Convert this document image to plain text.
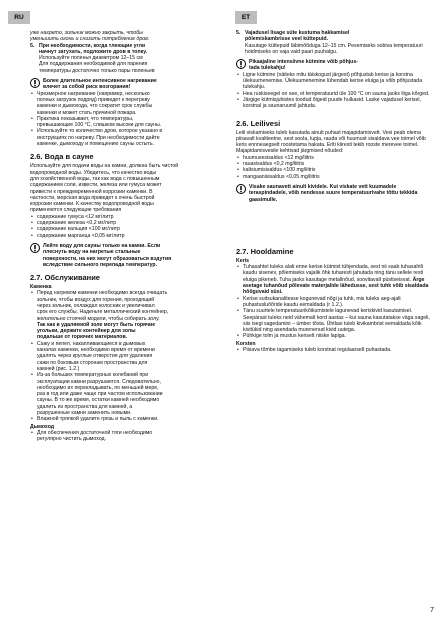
RU	ET

уже нагрето, зольник можно закрыть, чтобы
уменьшить огонь и снизить потребление дров.

5. При необходимости, когда тлеющие угли
начнут затухать, подложите дров в топку.

Используйте поленья диаметром 12–15 см
Для поддержания необходимой для парения
температуры достаточно только пары поленьев

Более длительное интенсивное нагревание
влечет за собой риск возгорания!

• Чрезмерное нагревание (например, несколько
полных загрузок подряд) приведет к перегреву
каменки и дымохода, что сократит срок службы
каменки и может стать причиной пожара.
• Практика показывает, что температуры,
превышающие 100 °C, слишком высоки для сауны.
• Используйте то количество дров, которое указано в
инструкциях по нагреву. При необходимости дайте
каменке, дымоходу и помещению сауны остыть.
2.6. Вода в сауне

Используйте для подачи воды на камни, должна быть чистой
водопроводной воды. Убедитесь, что качество воды
для хозяйственной воды, так как вода с повышенным
содержанием соли, извести, железа или гумуса может
привести к преждевременной коррозии каменки. В
частности, морская вода приведет к очень быстрой
коррозии каменки. К качеству водопроводной воды
применяются следующие требования

• содержание гумуса <12 мг/литр
• содержание железа <0,2 мг/литр
• содержание кальция <100 мг/литр
• содержание марганца <0,05 мг/литр

Лейте воду для сауны только на камни. Если
плеснуть воду на нагретые стальные
поверхности, на них могут образоваться вздутия
вследствие сильного перепада температур.

2.7. Обслуживание

Каменка

• Перед нагревом каменки необходимо всегда очищать
зольник, чтобы воздух для горения, проходящий
через зольник, охлаждал колосник и увеличивал
срок его службы. Наденьте металлический контейнер,
желательно стоячей модели, чтобы собирать золу.
Так как в удаляемой золе могут быть горячие
угольки, держите контейнер для золы
подальше от горючих материалов.
• Сажу и пепел, накапливающиеся в дымовых
каналах каменки, необходимо время от времени
удалять через круглые отверстия для удаления
сажи по боковым сторонам пространства для
камней (рис. 1.2.)
• Из-за больших температурных колебаний при
эксплуатации камни разрушаются. Следовательно,
необходимо их перекладывать, по меньшей мере,
раз в год или даже чаще при частом использовании
сауны. В то же время, остатки камней необходимо
удалить из пространства для камней, а
разрушенные камни заменить новыми.
• Влажной тряпкой удалите грязь и пыль с каменки.

Дымоход

• Для обеспечения достаточной тяги необходимо
регулярно чистить дымоход.
5. Vajadusel lisage süte kustuma hakkamisel
põlemiskambrisse veel küttepuid.

Kasutage küttepuid läbimõõduga 12–15 cm. Pesemiseks sobiva temperatuuri hoidmiseks on vaja vaid paari puuhalgu.

Pikaajaline intensiivne kütmine võib põhjus-
tada tulekahju!

• Ligne kütmine (näiteks mitu täiskogust järgest) põhjustab kerise ja korstna ülekuumenemise. Ülekuumenemine lühendab kerise eluiga ja võib põhjustada tulekahju.
• Hea ruskiseegel on see, et temperatuurid üle 100 °C on sauna jaoks liiga kõrged.
• Järgige kütmisjuhistes toodud õigeid puude hulkasid. Laske vajadusel kerisel, korstnal ja saunaruumil jahtuda.
2.6. Leilivesi

Leili viskamiseks tuleb kasutada ainult puhast majapidamisvett. Vesi peab olema piisavalt kvaliteetne, sest soola, lupja, rauda või huumust sisaldava vee toimel võib keris ennneaegselt roostetama hakata. Eriti kiiresti tekib rooste merevee toimel. Majapidamisvesile kehtivad järgmised nõuded:

• huumusesisaldus <12 mg/liitris
• rauasisaldus <0,2 mg/liitris
• kaltsiumisisaldus <100 mg/liitris
• mangaanisisaldus <0,05 mg/liitris

Visake saunavett ainult kividele. Kui viskate vett kuumadele teraspindadele, võib nendesse suure temperatuurivahe tõttu tekkida gaasimulle.

2.7. Hooldamine

Keris

• Tuhasahtel tuleks alati enne kerise kütmist tühjendada, sest nii saab tuhasahtli kaudu sisenev, põlemiseks vajalik õhk tuharesti jahutada ning tänu sellele resti eluiga pikeneb. Tuha jaoks kasutage metallnõud, soovitavalt püstiseisvat. Ärge asetage tuhanõud põlevate materjalide lähedusse, sest tuhk võib sisaldada hõõguvaid süsi.
• Kerise suitsukanalitesse kogunevad nõgi ja tuhk, mis tuleks aeg-ajalt puhastusluõõride kaudu eemaldada (r 1.2.).
• Tänu suurtele temperatuurikõikumistele lagunevad keriskivid kasutamisel. Seepärast tuleks neid vähemalt kord aastas – kui sauna kasutatakse väga sageli, siis isegi sagedamini – ümber tõsta. Ühtlasi tuleb kivikambrist eemaldada kõik kivitükid ning asendada murenenud kivid uutega.
• Pühkige tolm ja mustus keriselt niiske lapiga.

Korsten

• Piisava tõmbe tagamiseks tuleb korstnat regulaarselt puhastada.
7
